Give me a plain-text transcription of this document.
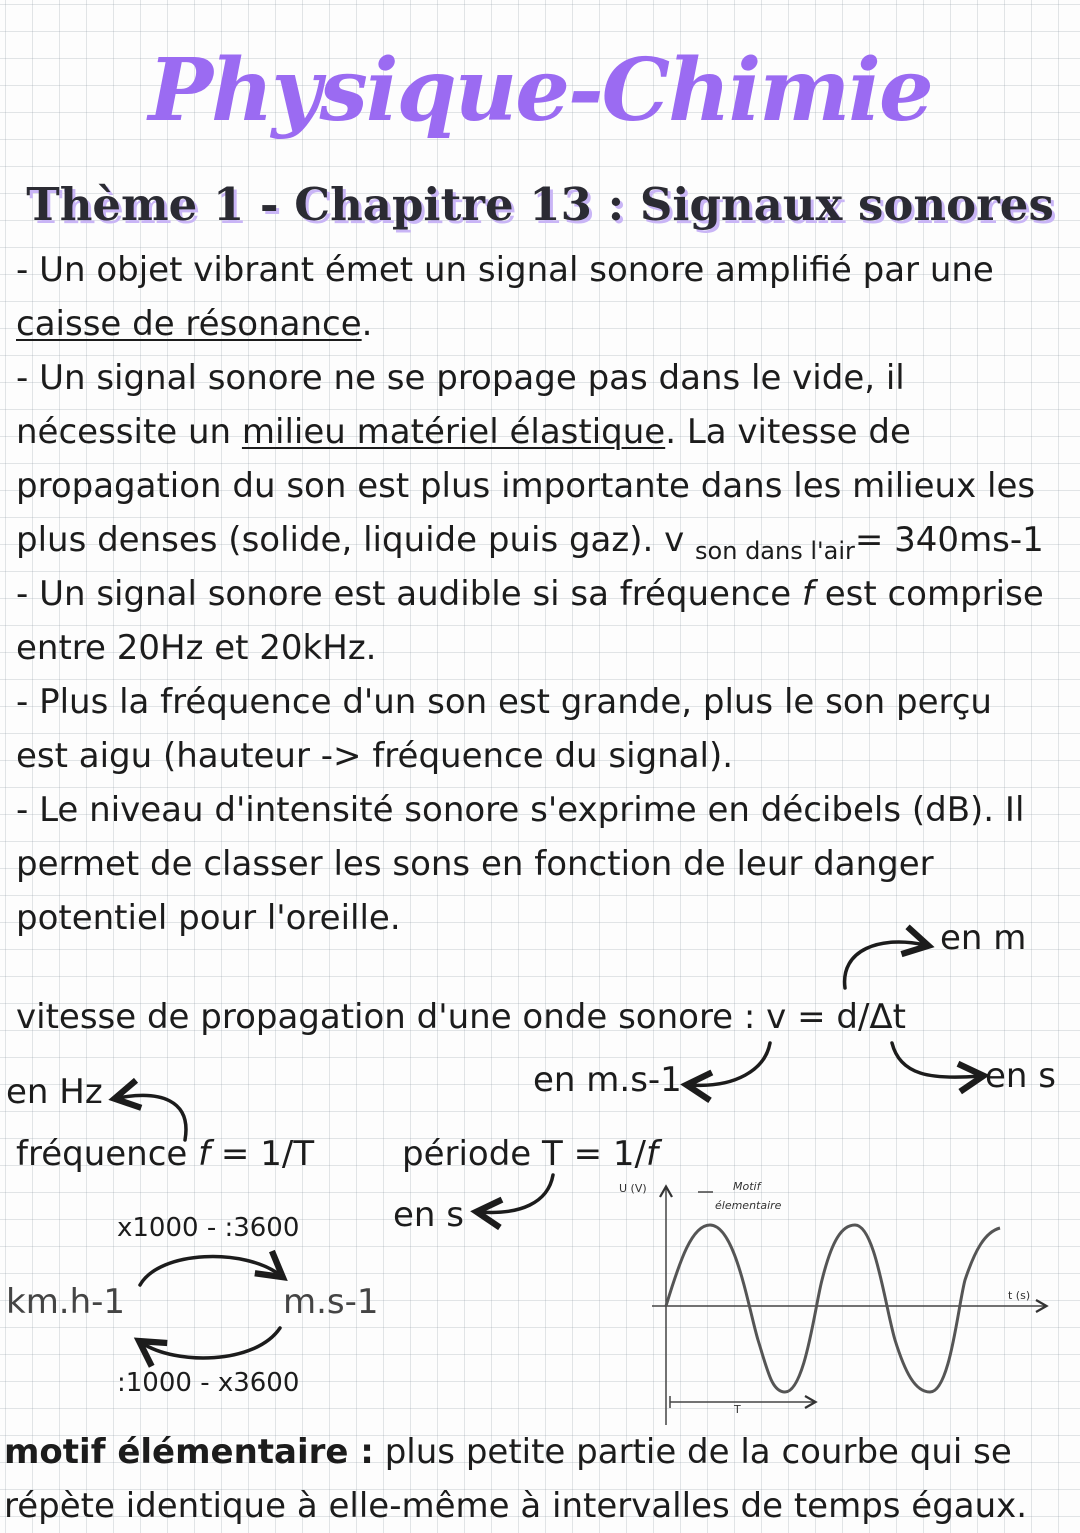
Physique-Chimie
Thème 1 - Chapitre 13 : Signaux sonores
- Un objet vibrant émet un signal sonore amplifié par une
caisse de résonance.
- Un signal sonore ne se propage pas dans le vide, il
nécessite un milieu matériel élastique. La vitesse de
propagation du son est plus importante dans les milieux les
plus denses (solide, liquide puis gaz). v $_{son dans l'air}$= 340ms-1
- Un signal sonore est audible si sa fréquence f est comprise
entre 20Hz et 20kHz.
- Plus la fréquence d'un son est grande, plus le son perçu
est aigu (hauteur -> fréquence du signal).
- Le niveau d'intensité sonore s'exprime en décibels (dB). Il
permet de classer les sons en fonction de leur danger
potentiel pour l'oreille.	en m
vitesse de propagation d'une onde sonore : v = d/Δt
en m.s-1	en s
en Hz
fréquence f = 1/T	période T = 1/f
en s
x1000 - :3600
km.h-1	m.s-1
:1000 - x3600
U (V)
t (s)
Motif
élementaire
T
motif élémentaire : plus petite partie de la courbe qui se
répète identique à elle-même à intervalles de temps égaux.
